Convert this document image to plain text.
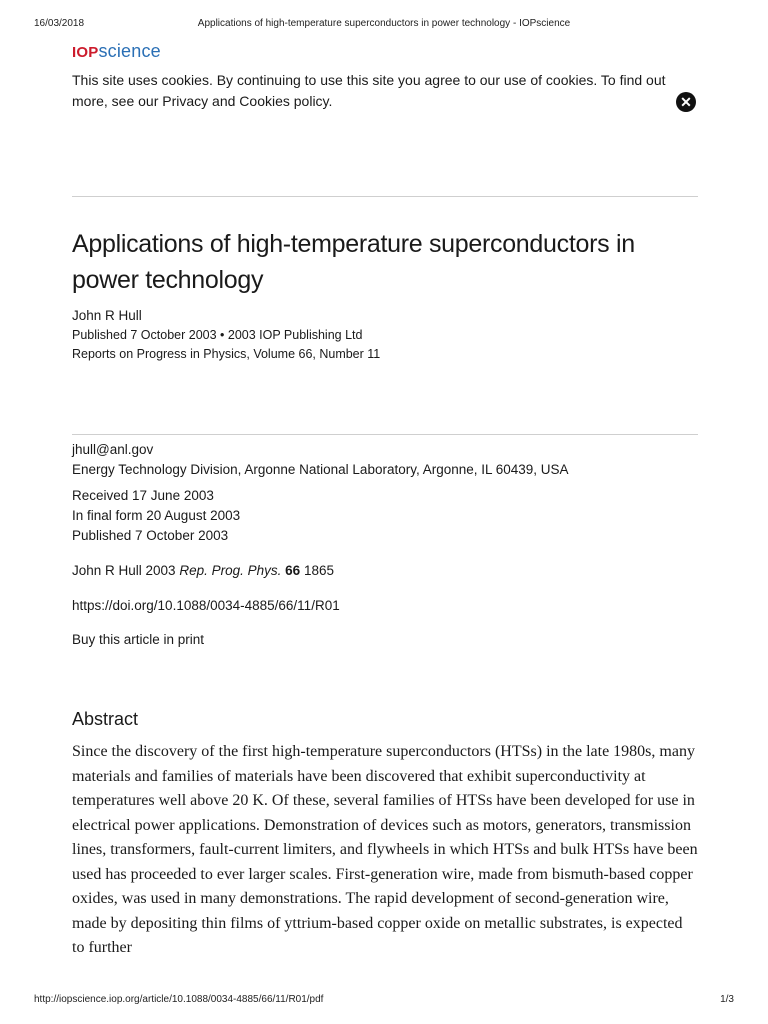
16/03/2018	Applications of high-temperature superconductors in power technology - IOPscience
IOPscience
This site uses cookies. By continuing to use this site you agree to our use of cookies. To find out more, see our Privacy and Cookies policy.	✕
Applications of high-temperature superconductors in power technology
John R Hull
Published 7 October 2003 • 2003 IOP Publishing Ltd
Reports on Progress in Physics, Volume 66, Number 11
jhull@anl.gov
Energy Technology Division, Argonne National Laboratory, Argonne, IL 60439, USA
Received 17 June 2003
In final form 20 August 2003
Published 7 October 2003
John R Hull 2003 Rep. Prog. Phys. 66 1865
https://doi.org/10.1088/0034-4885/66/11/R01
Buy this article in print
Abstract

Since the discovery of the first high-temperature superconductors (HTSs) in the late 1980s, many materials and families of materials have been discovered that exhibit superconductivity at temperatures well above 20 K. Of these, several families of HTSs have been developed for use in electrical power applications. Demonstration of devices such as motors, generators, transmission lines, transformers, fault-current limiters, and flywheels in which HTSs and bulk HTSs have been used has proceeded to ever larger scales. First-generation wire, made from bismuth-based copper oxides, was used in many demonstrations. The rapid development of second-generation wire, made by depositing thin films of yttrium-based copper oxide on metallic substrates, is expected to further

http://iopscience.iop.org/article/10.1088/0034-4885/66/11/R01/pdf	1/3
